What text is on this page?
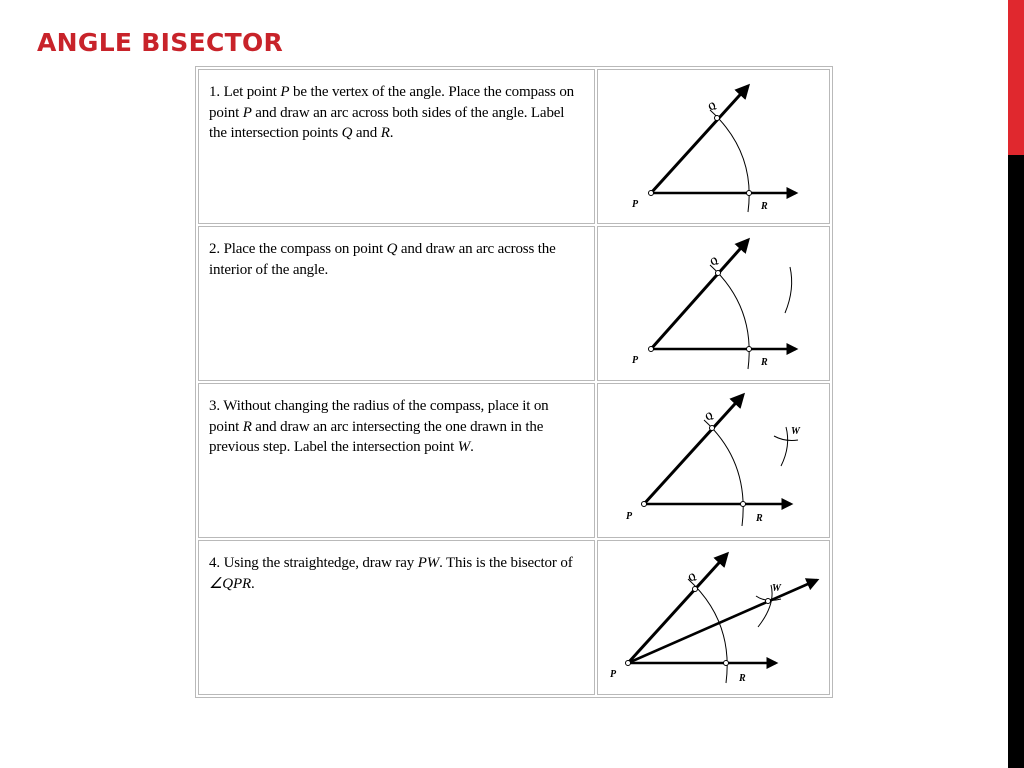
ANGLE BISECTOR

1. Let point P be the vertex of the angle. Place the compass on point P and draw an arc across both sides of the angle. Label the intersection points Q and R.	P
Q
R

2. Place the compass on point Q and draw an arc across the interior of the angle.	P
Q
R

3. Without changing the radius of the compass, place it on point R and draw an arc intersecting the one drawn in the previous step. Label the intersection point W.	P
Q
R
W

4. Using the straightedge, draw ray PW. This is the bisector of ∠QPR.	P
Q
R
W
